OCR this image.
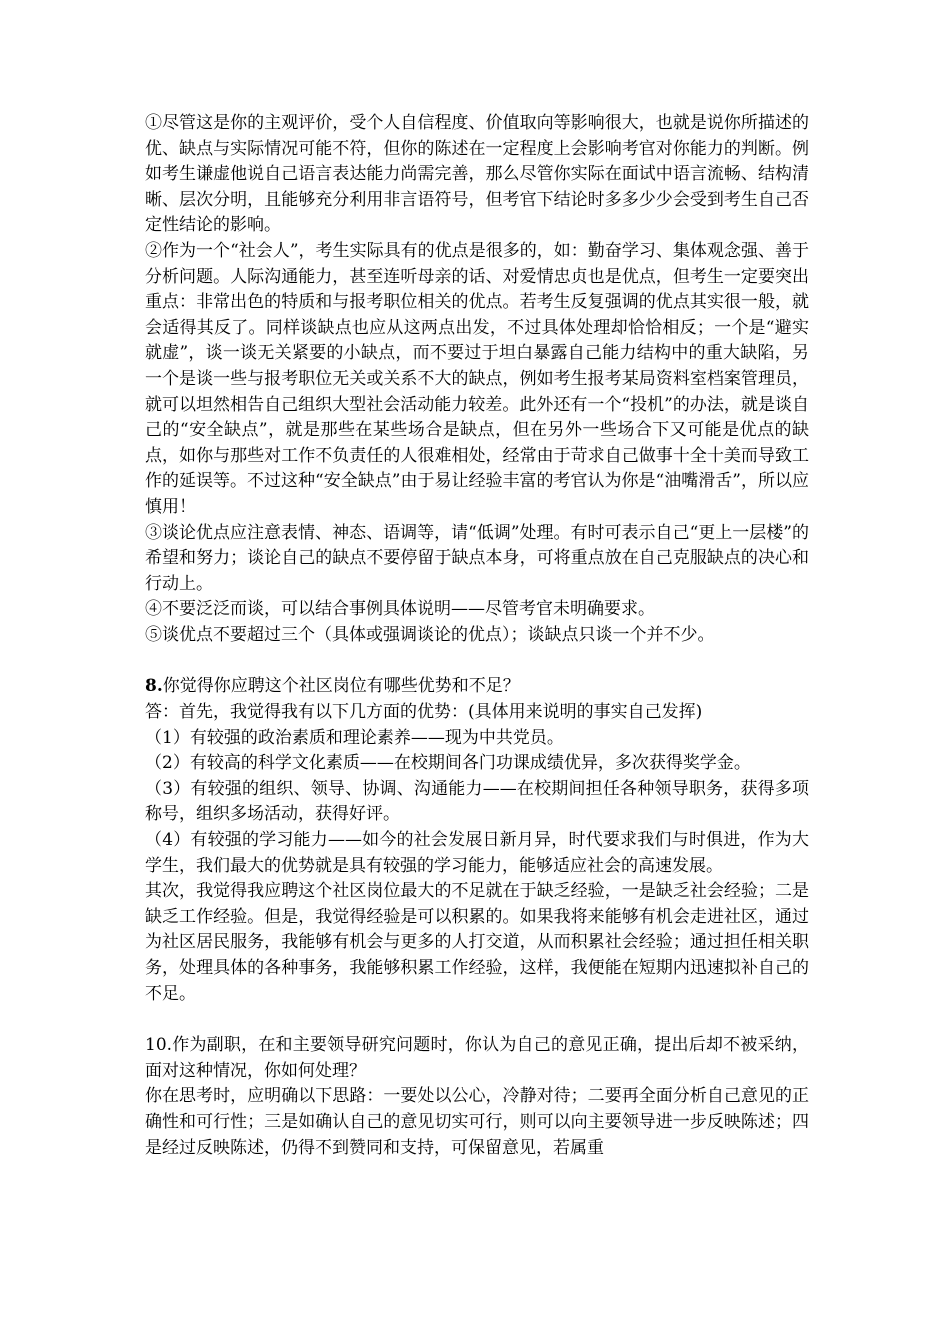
①尽管这是你的主观评价，受个人自信程度、价值取向等影响很大，也就是说你所描述的优、缺点与实际情况可能不符，但你的陈述在一定程度上会影响考官对你能力的判断。例如考生谦虚他说自己语言表达能力尚需完善，那么尽管你实际在面试中语言流畅、结构清晰、层次分明，且能够充分利用非言语符号，但考官下结论时多多少少会受到考生自己否定性结论的影响。

②作为一个“社会人”，考生实际具有的优点是很多的，如：勤奋学习、集体观念强、善于分析问题。人际沟通能力，甚至连听母亲的话、对爱情忠贞也是优点，但考生一定要突出重点：非常出色的特质和与报考职位相关的优点。若考生反复强调的优点其实很一般，就会适得其反了。同样谈缺点也应从这两点出发，不过具体处理却恰恰相反；一个是“避实就虚”，谈一谈无关紧要的小缺点，而不要过于坦白暴露自己能力结构中的重大缺陷，另一个是谈一些与报考职位无关或关系不大的缺点，例如考生报考某局资料室档案管理员，就可以坦然相告自己组织大型社会活动能力较差。此外还有一个“投机”的办法，就是谈自己的“安全缺点”，就是那些在某些场合是缺点，但在另外一些场合下又可能是优点的缺点，如你与那些对工作不负责任的人很难相处，经常由于苛求自己做事十全十美而导致工作的延误等。不过这种“安全缺点”由于易让经验丰富的考官认为你是“油嘴滑舌”，所以应慎用！

③谈论优点应注意表情、神态、语调等，请“低调”处理。有时可表示自己“更上一层楼”的希望和努力；谈论自己的缺点不要停留于缺点本身，可将重点放在自己克服缺点的决心和行动上。

④不要泛泛而谈，可以结合事例具体说明——尽管考官未明确要求。

⑤谈优点不要超过三个（具体或强调谈论的优点）；谈缺点只谈一个并不少。

8.你觉得你应聘这个社区岗位有哪些优势和不足？

答：首先，我觉得我有以下几方面的优势：(具体用来说明的事实自己发挥)

（1）有较强的政治素质和理论素养——现为中共党员。

（2）有较高的科学文化素质——在校期间各门功课成绩优异，多次获得奖学金。

（3）有较强的组织、领导、协调、沟通能力——在校期间担任各种领导职务，获得多项称号，组织多场活动，获得好评。

（4）有较强的学习能力——如今的社会发展日新月异，时代要求我们与时俱进，作为大学生，我们最大的优势就是具有较强的学习能力，能够适应社会的高速发展。

其次，我觉得我应聘这个社区岗位最大的不足就在于缺乏经验，一是缺乏社会经验；二是缺乏工作经验。但是，我觉得经验是可以积累的。如果我将来能够有机会走进社区，通过为社区居民服务，我能够有机会与更多的人打交道，从而积累社会经验；通过担任相关职务，处理具体的各种事务，我能够积累工作经验，这样，我便能在短期内迅速拟补自己的不足。

10.作为副职，在和主要领导研究问题时，你认为自己的意见正确，提出后却不被采纳，面对这种情况，你如何处理？

你在思考时，应明确以下思路：一要处以公心，冷静对待；二要再全面分析自己意见的正确性和可行性；三是如确认自己的意见切实可行，则可以向主要领导进一步反映陈述；四是经过反映陈述，仍得不到赞同和支持，可保留意见，若属重
